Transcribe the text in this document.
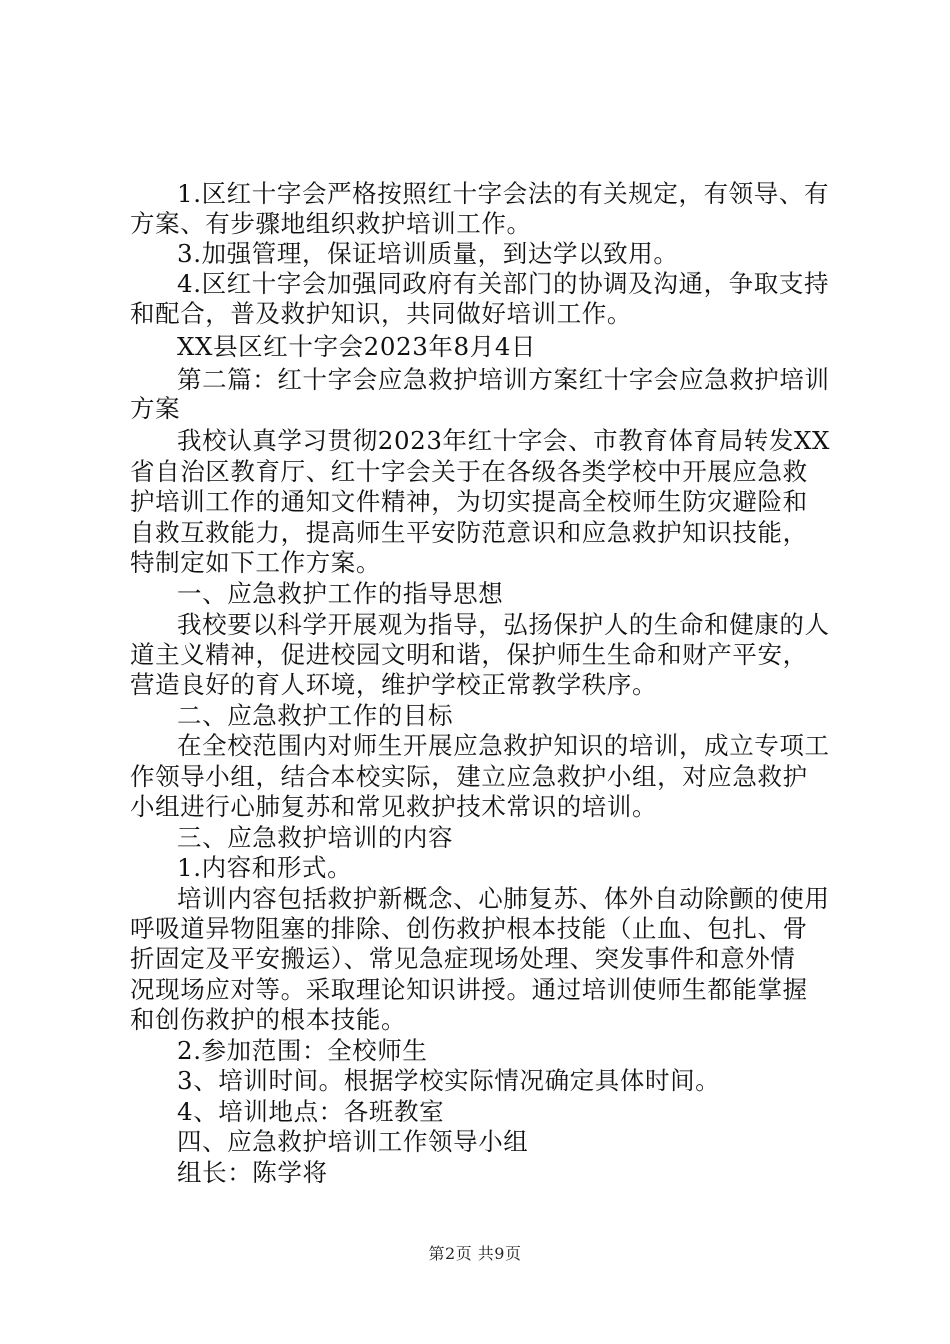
1.区红十字会严格按照红十字会法的有关规定，有领导、有
方案、有步骤地组织救护培训工作。
3.加强管理，保证培训质量，到达学以致用。
4.区红十字会加强同政府有关部门的协调及沟通，争取支持
和配合，普及救护知识，共同做好培训工作。
XX县区红十字会2023年8月4日
第二篇：红十字会应急救护培训方案红十字会应急救护培训
方案
我校认真学习贯彻2023年红十字会、市教育体育局转发XX
省自治区教育厅、红十字会关于在各级各类学校中开展应急救
护培训工作的通知文件精神，为切实提高全校师生防灾避险和
自救互救能力，提高师生平安防范意识和应急救护知识技能，
特制定如下工作方案。
一、应急救护工作的指导思想
我校要以科学开展观为指导，弘扬保护人的生命和健康的人
道主义精神，促进校园文明和谐，保护师生生命和财产平安，
营造良好的育人环境，维护学校正常教学秩序。
二、应急救护工作的目标
在全校范围内对师生开展应急救护知识的培训，成立专项工
作领导小组，结合本校实际，建立应急救护小组，对应急救护
小组进行心肺复苏和常见救护技术常识的培训。
三、应急救护培训的内容
1.内容和形式。
培训内容包括救护新概念、心肺复苏、体外自动除颤的使用
呼吸道异物阻塞的排除、创伤救护根本技能（止血、包扎、骨
折固定及平安搬运）、常见急症现场处理、突发事件和意外情
况现场应对等。采取理论知识讲授。通过培训使师生都能掌握
和创伤救护的根本技能。
2.参加范围：全校师生
3、培训时间。根据学校实际情况确定具体时间。
4、培训地点：各班教室
四、应急救护培训工作领导小组
组长：陈学将
第2页 共9页
